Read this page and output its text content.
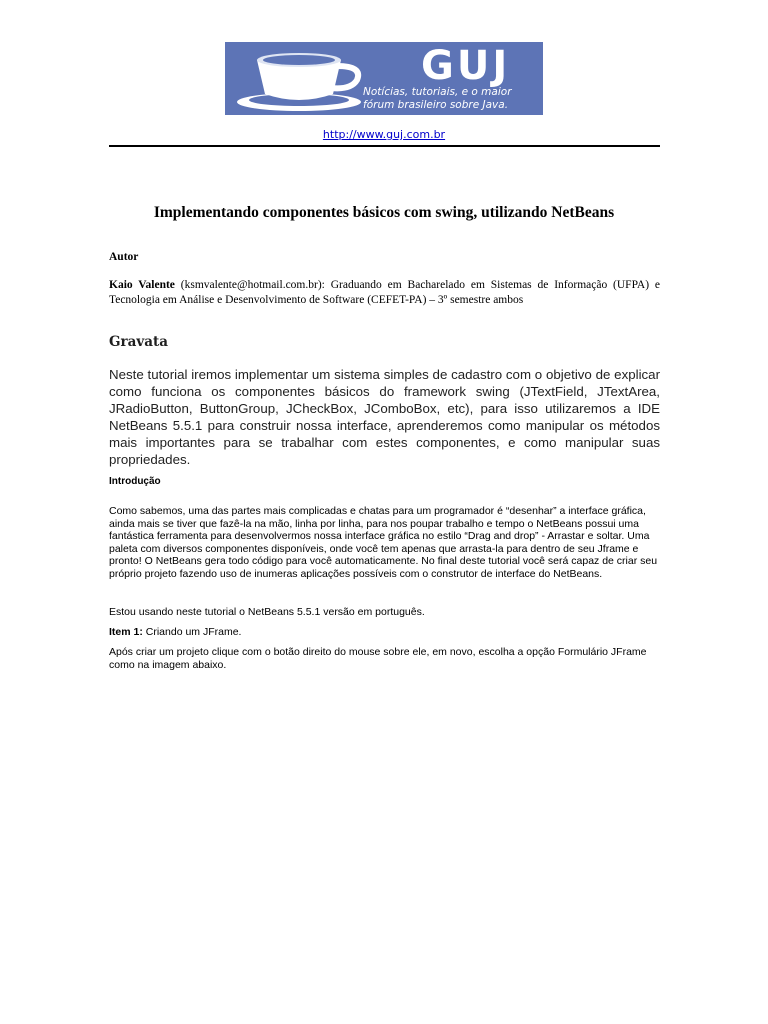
GUJ
Notícias, tutoriais, e o maior
fórum brasileiro sobre Java.
http://www.guj.com.br
Implementando componentes básicos com swing, utilizando NetBeans
Autor
Kaio Valente (ksmvalente@hotmail.com.br): Graduando em Bacharelado em Sistemas de Informação (UFPA) e Tecnologia em Análise e Desenvolvimento de Software (CEFET-PA) – 3º semestre ambos
Gravata
Neste tutorial iremos implementar um sistema simples de cadastro com o objetivo de explicar como funciona os componentes básicos do framework swing (JTextField, JTextArea, JRadioButton, ButtonGroup, JCheckBox, JComboBox, etc), para isso utilizaremos a IDE NetBeans 5.5.1 para construir nossa interface, aprenderemos como manipular os métodos mais importantes para se trabalhar com estes componentes, e como manipular suas propriedades.
Introdução
Como sabemos, uma das partes mais complicadas e chatas para um programador é “desenhar” a interface gráfica, ainda mais se tiver que fazê-la na mão, linha por linha, para nos poupar trabalho e tempo o NetBeans possui uma fantástica ferramenta para desenvolvermos nossa interface gráfica no estilo “Drag and drop” - Arrastar e soltar. Uma paleta com diversos componentes disponíveis, onde você tem apenas que arrasta-la para dentro de seu Jframe e pronto! O NetBeans gera todo código para você automaticamente. No final deste tutorial você será capaz de criar seu próprio projeto fazendo uso de inumeras aplicações possíveis com o construtor de interface do NetBeans.
Estou usando neste tutorial o NetBeans 5.5.1 versão em português.
Item 1: Criando um JFrame.
Após criar um projeto clique com o botão direito do mouse sobre ele, em novo, escolha a opção Formulário JFrame como na imagem abaixo.
